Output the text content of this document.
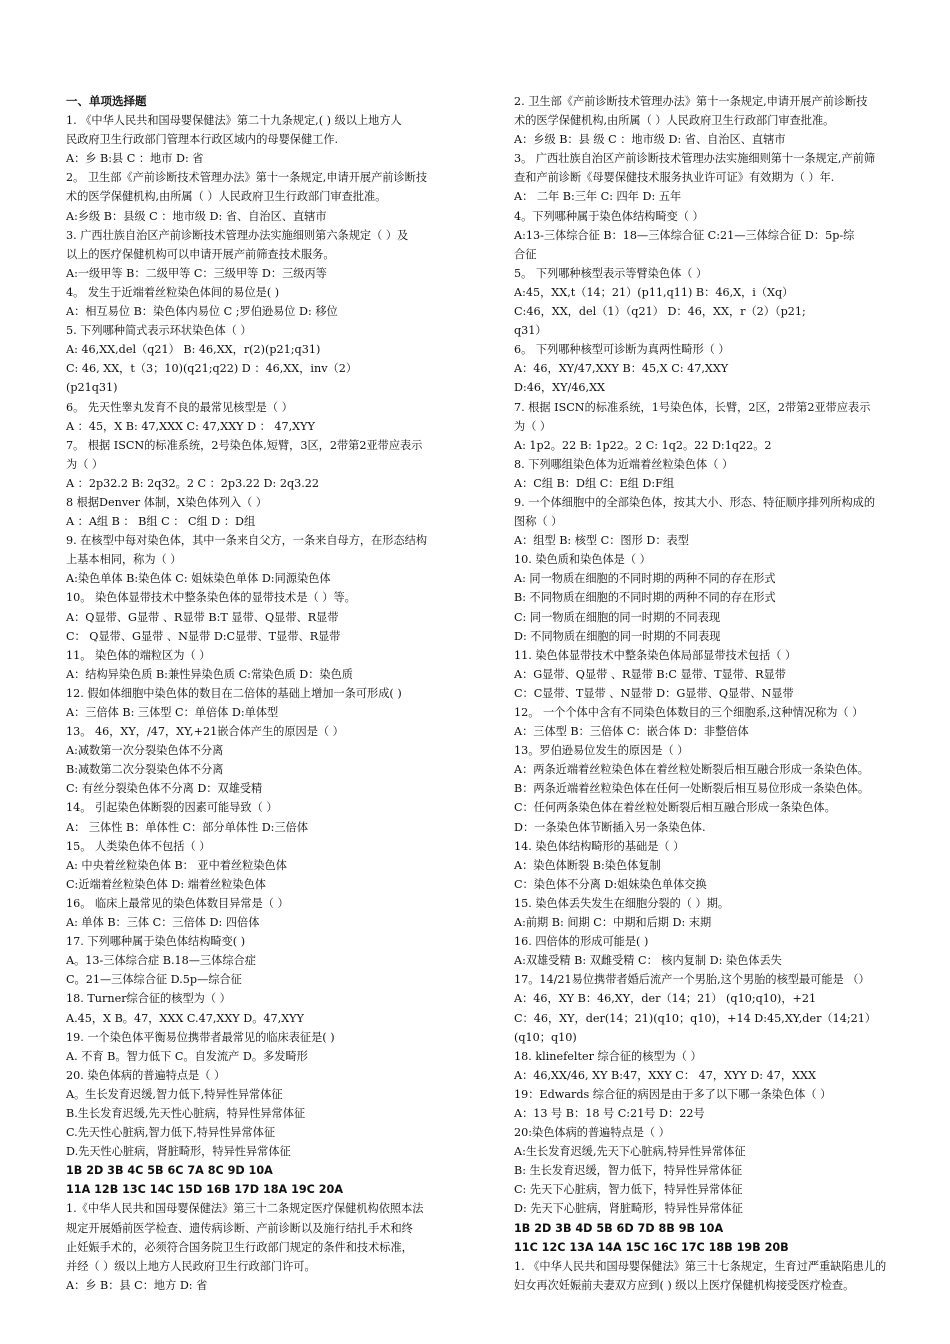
一、单项选择题
1. 《中华人民共和国母婴保健法》第二十九条规定,( ) 级以上地方人
民政府卫生行政部门管理本行政区域内的母婴保健工作.
A：乡 B:县 C ：地市 D: 省
2。 卫生部《产前诊断技术管理办法》第十一条规定,申请开展产前诊断技
术的医学保健机构,由所属（ ）人民政府卫生行政部门审查批准。
A:乡级 B：县级 C ：地市级 D: 省、自治区、直辖市
3. 广西壮族自治区产前诊断技术管理办法实施细则第六条规定（ ）及
以上的医疗保健机构可以申请开展产前筛查技术服务。
A:一级甲等 B：二级甲等 C：三级甲等 D：三级丙等
4。 发生于近端着丝粒染色体间的易位是( )
A：相互易位 B：染色体内易位 C ;罗伯逊易位 D: 移位
5. 下列哪种简式表示环状染色体（ ）
A: 46,XX,del（q21） B: 46,XX，r(2)(p21;q31)
C: 46, XX，t（3；10)(q21;q22) D ：46,XX，inv（2）
(p21q31)
6。 先天性睾丸发育不良的最常见核型是（ ）
A ：45，X B: 47,XXX C: 47,XXY D ： 47,XYY
7。 根据 ISCN的标准系统，2号染色体,短臂，3区，2带第2亚带应表示
为（ ）
A ：2p32.2 B: 2q32。2 C ：2p3.22 D: 2q3.22
8 根据Denver 体制，X染色体列入（ ）
A ：A组 B ： B组 C ： C组 D ：D组
9. 在核型中每对染色体，其中一条来自父方，一条来自母方，在形态结构
上基本相同，称为（ ）
A:染色单体 B:染色体 C: 姐妹染色单体 D:同源染色体
10。 染色体显带技术中整条染色体的显带技术是（ ）等。
A：Q显带、G显带 、R显带 B:T 显带、Q显带、R显带
C： Q显带、G显带 、N显带 D:C显带、T显带、R显带
11。 染色体的端粒区为（ ）
A：结构异染色质 B:兼性异染色质 C:常染色质 D：染色质
12. 假如体细胞中染色体的数目在二倍体的基础上增加一条可形成( )
A：三倍体 B: 三体型 C：单倍体 D:单体型
13。 46，XY，/47，XY,+21嵌合体产生的原因是（ ）
A:减数第一次分裂染色体不分离
B:减数第二次分裂染色体不分离
C: 有丝分裂染色体不分离 D：双雄受精
14。 引起染色体断裂的因素可能导致（ ）
A： 三体性 B：单体性 C：部分单体性 D:三倍体
15。 人类染色体不包括（ ）
A: 中央着丝粒染色体 B： 亚中着丝粒染色体
C:近端着丝粒染色体 D: 端着丝粒染色体
16。 临床上最常见的染色体数目异常是（ ）
A: 单体 B：三体 C：三倍体 D: 四倍体
17. 下列哪种属于染色体结构畸变( )
A。13-三体综合症 B.18—三体综合症
C。21—三体综合征 D.5p—综合征
18. Turner综合征的核型为（ ）
A.45，X B。47，XXX C.47,XXY D。47,XYY
19. 一个染色体平衡易位携带者最常见的临床表征是( )
A. 不育 B。智力低下 C。自发流产 D。多发畸形
20. 染色体病的普遍特点是（ ）
A。生长发育迟缓,智力低下,特异性异常体征
B.生长发育迟缓,先天性心脏病，特异性异常体征
C.先天性心脏病,智力低下,特异性异常体征
D.先天性心脏病，肾脏畸形，特异性异常体征
1B 2D 3B 4C 5B 6C 7A 8C 9D 10A
11A 12B 13C 14C 15D 16B 17D 18A 19C 20A
1.《中华人民共和国母婴保健法》第三十二条规定医疗保健机构依照本法
规定开展婚前医学检查、遗传病诊断、产前诊断以及施行结扎手术和终
止妊娠手术的，必须符合国务院卫生行政部门规定的条件和技术标准，
并经（ ）级以上地方人民政府卫生行政部门许可。
A：乡 B：县 C：地方 D: 省
2. 卫生部《产前诊断技术管理办法》第十一条规定,申请开展产前诊断技
术的医学保健机构,由所属（ ）人民政府卫生行政部门审查批准。
A：乡级 B：县 级 C ：地市级 D: 省、自治区、直辖市
3。 广西壮族自治区产前诊断技术管理办法实施细则第十一条规定,产前筛
查和产前诊断《母婴保健技术服务执业许可证》有效期为（ ）年.
A： 二年 B:三年 C: 四年 D: 五年
4。下列哪种属于染色体结构畸变（ ）
A:13-三体综合征 B：18—三体综合征 C:21—三体综合征 D：5p-综
合征
5。 下列哪种核型表示等臂染色体（ ）
A:45，XX,t（14；21）(p11,q11) B：46,X，i（Xq）
C:46，XX，del（1）（q21） D：46，XX，r（2）（p21;
q31）
6。 下列哪种核型可诊断为真两性畸形（ ）
A：46，XY/47,XXY B：45,X C: 47,XXY
D:46，XY/46,XX
7. 根据 ISCN的标准系统，1号染色体，长臂，2区，2带第2亚带应表示
为（ ）
A: 1p2。22 B: 1p22。2 C: 1q2。22 D:1q22。2
8. 下列哪组染色体为近端着丝粒染色体（ ）
A：C组 B：D组 C：E组 D:F组
9. 一个体细胞中的全部染色体，按其大小、形态、特征顺序排列所构成的
图称（ ）
A：组型 B: 核型 C：图形 D：表型
10. 染色质和染色体是（ ）
A: 同一物质在细胞的不同时期的两种不同的存在形式
B: 不同物质在细胞的不同时期的两种不同的存在形式
C: 同一物质在细胞的同一时期的不同表现
D: 不同物质在细胞的同一时期的不同表现
11. 染色体显带技术中整条染色体局部显带技术包括（ ）
A：G显带、Q显带 、R显带 B:C 显带、T显带、R显带
C：C显带、T显带 、N显带 D：G显带、Q显带、N显带
12。 一个个体中含有不同染色体数目的三个细胞系,这种情况称为（ ）
A：三体型 B：三倍体 C：嵌合体 D：非整倍体
13。罗伯逊易位发生的原因是（ ）
A：两条近端着丝粒染色体在着丝粒处断裂后相互融合形成一条染色体。
B：两条近端着丝粒染色体在任何一处断裂后相互易位形成一条染色体。
C：任何两条染色体在着丝粒处断裂后相互融合形成一条染色体。
D：一条染色体节断插入另一条染色体.
14. 染色体结构畸形的基础是（ ）
A：染色体断裂 B:染色体复制
C：染色体不分离 D:姐妹染色单体交换
15. 染色体丢失发生在细胞分裂的（ ）期。
A:前期 B: 间期 C：中期和后期 D: 末期
16. 四倍体的形成可能是( )
A:双雄受精 B: 双雌受精 C： 核内复制 D: 染色体丢失
17。14/21易位携带者婚后流产一个男胎,这个男胎的核型最可能是 （）
A：46，XY B：46,XY，der（14；21） (q10;q10)，+21
C：46，XY，der(14；21)(q10；q10)，+14 D:45,XY,der（14;21）
(q10；q10)
18. klinefelter 综合征的核型为（ ）
A：46,XX/46, XY B:47，XXY C： 47，XYY D: 47，XXX
19：Edwards 综合征的病因是由于多了以下哪一条染色体（ ）
A：13 号 B：18 号 C:21号 D：22号
20:染色体病的普遍特点是（ ）
A:生长发育迟缓,先天下心脏病,特异性异常体征
B: 生长发育迟缓，智力低下，特异性异常体征
C: 先天下心脏病，智力低下，特异性异常体征
D: 先天下心脏病，肾脏畸形，特异性异常体征
1B 2D 3B 4D 5B 6D 7D 8B 9B 10A
11C 12C 13A 14A 15C 16C 17C 18B 19B 20B
1. 《中华人民共和国母婴保健法》第三十七条规定，生育过严重缺陷患儿的
妇女再次妊娠前夫妻双方应到( ) 级以上医疗保健机构接受医疗检查。
